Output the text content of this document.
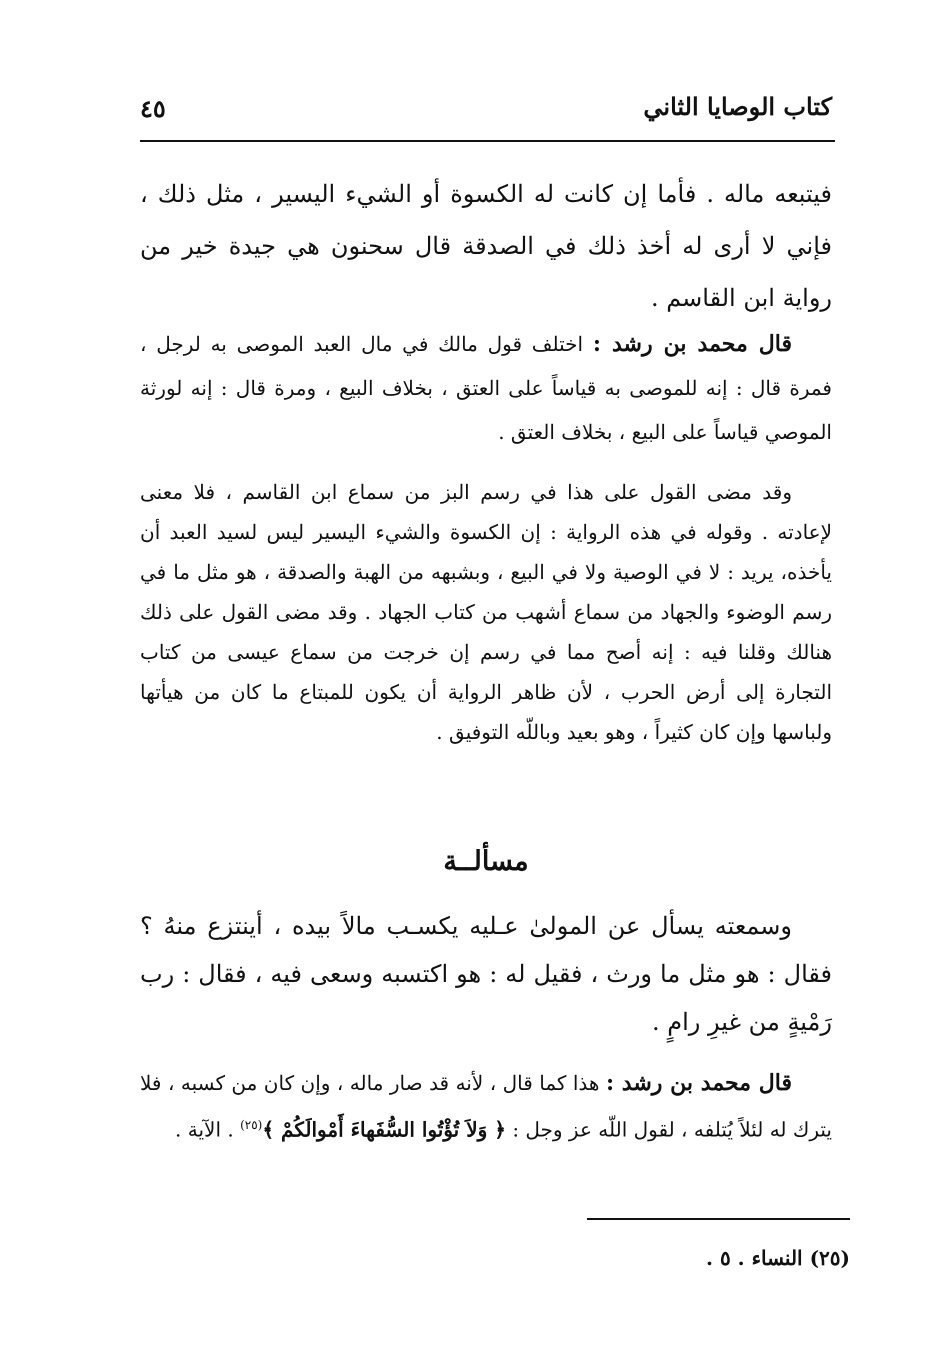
كتاب الوصايا الثاني
٤٥
فيتبعه ماله . فأما إن كانت له الكسوة أو الشيء اليسير ، مثل ذلك ، فإني لا أرى له أخذ ذلك في الصدقة قال سحنون هي جيدة خير من رواية ابن القاسم .
قال محمد بن رشد : اختلف قول مالك في مال العبد الموصى به لرجل ، فمرة قال : إنه للموصى به قياساً على العتق ، بخلاف البيع ، ومرة قال : إنه لورثة الموصي قياساً على البيع ، بخلاف العتق .
وقد مضى القول على هذا في رسم البز من سماع ابن القاسم ، فلا معنى لإعادته . وقوله في هذه الرواية : إن الكسوة والشيء اليسير ليس لسيد العبد أن يأخذه، يريد : لا في الوصية ولا في البيع ، وبشبهه من الهبة والصدقة ، هو مثل ما في رسم الوضوء والجهاد من سماع أشهب من كتاب الجهاد . وقد مضى القول على ذلك هنالك وقلنا فيه : إنه أصح مما في رسم إن خرجت من سماع عيسى من كتاب التجارة إلى أرض الحرب ، لأن ظاهر الرواية أن يكون للمبتاع ما كان من هيأتها ولباسها وإن كان كثيراً ، وهو بعيد وباللّه التوفيق .
مسألــة
وسمعته يسأل عن المولىٰ عـليه يكسـب مالاً بيده ، أينتزع منهُ ؟ فقال : هو مثل ما ورث ، فقيل له : هو اكتسبه وسعى فيه ، فقال : رب رَمْيةٍ من غيرِ رامٍ .
قال محمد بن رشد : هذا كما قال ، لأنه قد صار ماله ، وإن كان من كسبه ، فلا يترك له لئلاً يُتلفه ، لقول اللّه عز وجل : ﴿ وَلاَ تُؤْتُوا السُّفَهاءَ أَمْوالَكُمْ ﴾$^{(٢٥)}$ . الآية .
(٢٥) النساء . ٥ .
